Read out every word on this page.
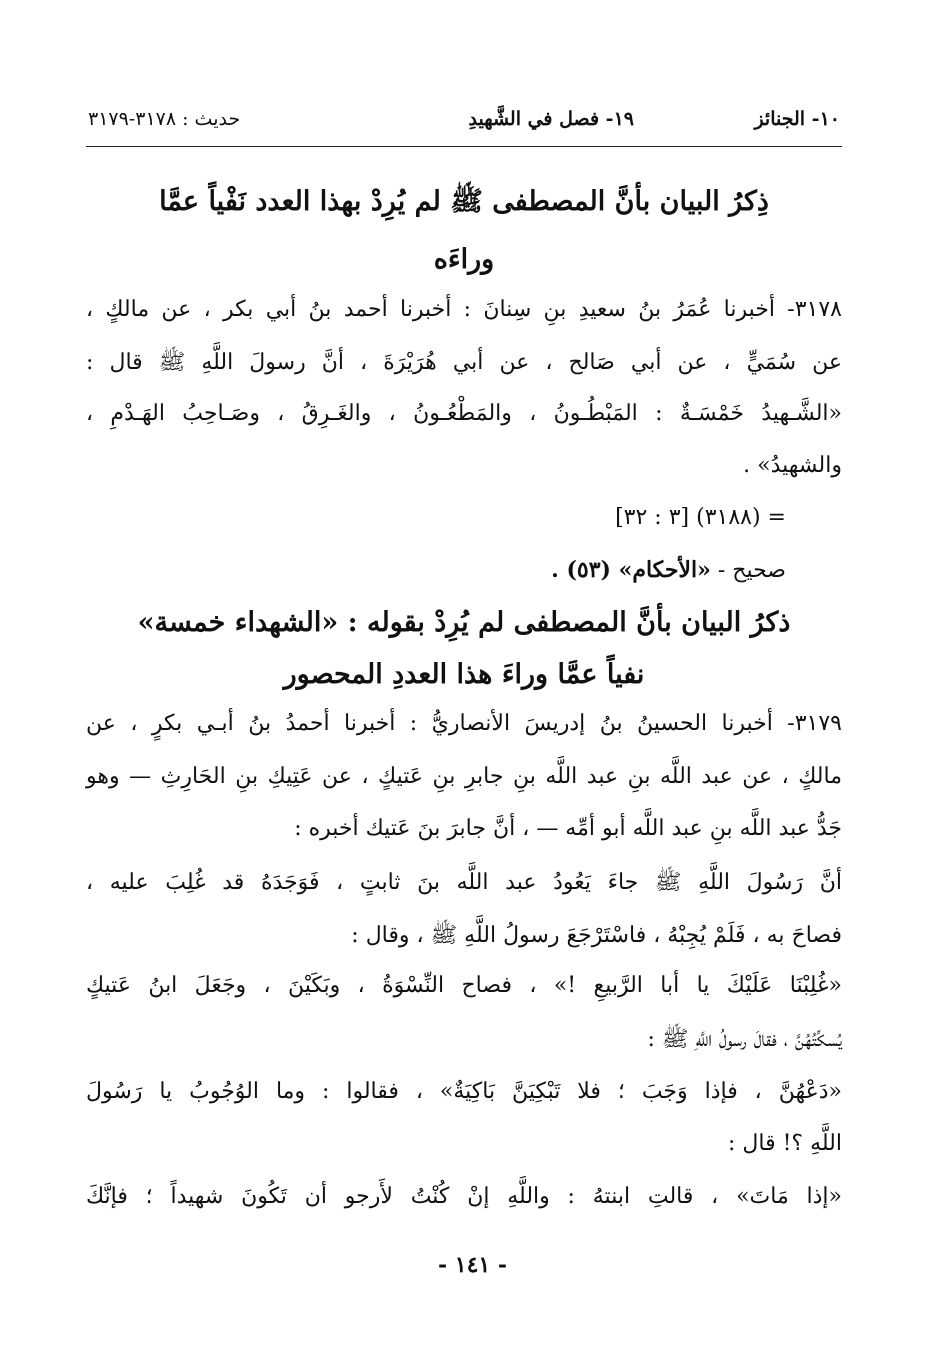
١٠- الجنائز
١٩- فصل في الشَّهيدِ
حديث : ٣١٧٨-٣١٧٩
ذِكرُ البيان بأنَّ المصطفى ﷺ لم يُرِدْ بهذا العدد نَفْياً عمَّا
وراءَه
٣١٧٨- أخبرنا عُمَرُ بنُ سعيدِ بنِ سِنانَ : أخبرنا أحمد بنُ أبي بكر ، عن مالكٍ ،
عن سُمَيٍّ ، عن أبي صَالح ، عن أبي هُرَيْرَةَ ، أنَّ رسولَ اللَّهِ ﷺ قال :
«الشَّـهيدُ خَمْسَـةٌ : المَبْطُـونُ ، والمَطْعُـونُ ، والغَـرِقُ ، وصَـاحِبُ الهَـدْمِ ،
والشهيدُ» .
= (٣١٨٨) [٣ : ٣٢]
صحيح - «الأحكام» (٥٣) .
ذكرُ البيان بأنَّ المصطفى لم يُرِدْ بقوله : «الشهداء خمسة»
نفياً عمَّا وراءَ هذا العددِ المحصور
٣١٧٩- أخبرنا الحسينُ بنُ إدريسَ الأنصاريُّ : أخبرنا أحمدُ بنُ أبـي بكرٍ ، عن
مالكٍ ، عن عبد اللَّه بنِ عبد اللَّه بنِ جابرِ بنِ عَتيكٍ ، عن عَتِيكِ بنِ الحَارِثِ — وهو
جَدُّ عبد اللَّه بنِ عبد اللَّه أبو أمِّه — ، أنَّ جابرَ بنَ عَتيك أخبره :
أنَّ رَسُولَ اللَّهِ ﷺ جاءَ يَعُودُ عبد اللَّه بنَ ثابتٍ ، فَوَجَدَهُ قد غُلِبَ عليه ،
فصاحَ به ، فَلَمْ يُجِبْهُ ، فاسْتَرْجَعَ رسولُ اللَّهِ ﷺ ، وقال :
«غُلِبْنَا عَلَيْكَ يا أبا الرَّبيعِ !» ، فصاح النِّسْوَةُ ، وبَكَيْنَ ، وجَعَلَ ابنُ عَتيكٍ
يُسكِّتُهُنَّ ، فقالَ رسولُ اللَّهِ ﷺ :
«دَعْهُنَّ ، فإذا وَجَبَ ؛ فلا تَبْكِيَنَّ بَاكِيَةٌ» ، فقالوا : وما الوُجُوبُ يا رَسُولَ
اللَّهِ ؟! قال :
«إذا مَاتَ» ، قالتِ ابنتهُ : واللَّهِ إنْ كُنْتُ لأَرجو أن تَكُونَ شهيداً ؛ فإنَّكَ
- ١٤١ -
